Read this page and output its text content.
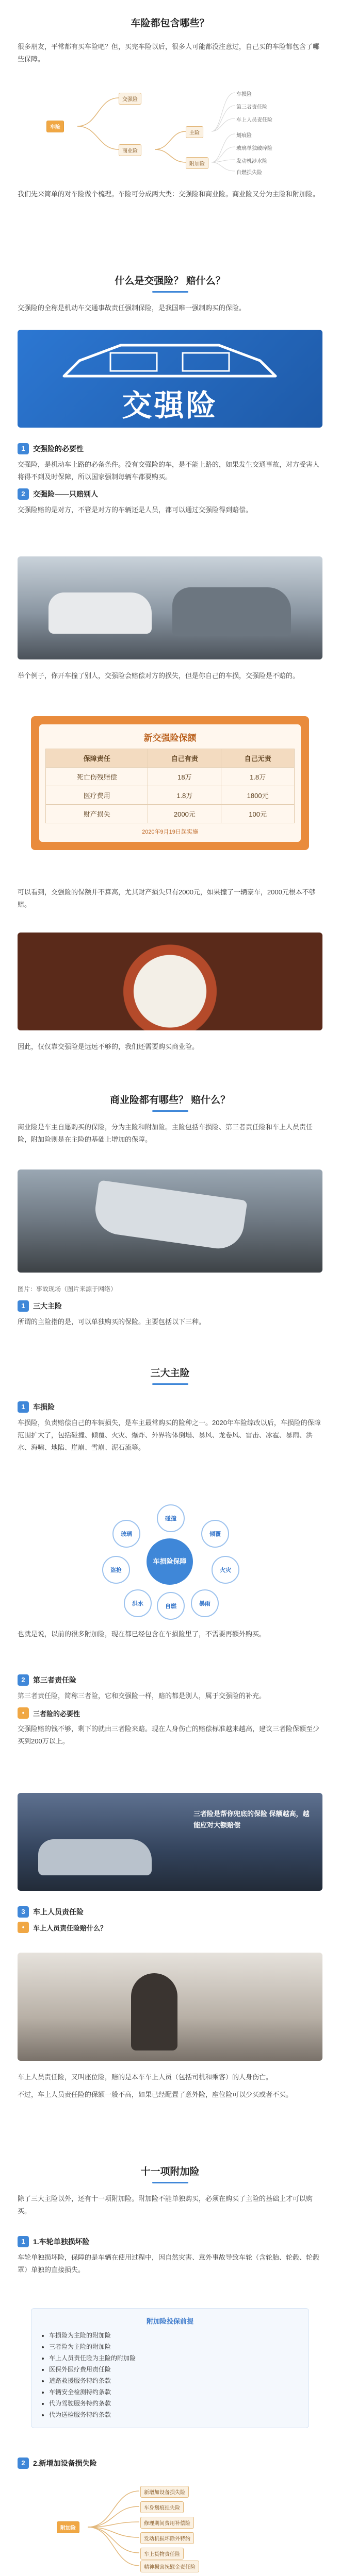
车险都包含哪些？

很多朋友，平常都有买车险吧？但，买完车险以后，很多人可能都没注意过，自己买的车险都包含了哪些保障。

车险
交强险
商业险
主险
附加险
车损险
第三者责任险
车上人员责任险
划痕险
玻璃单独破碎险
发动机涉水险
自燃损失险

我们先来简单的对车险做个梳理。车险可分成两大类：交强险和商业险。商业险又分为主险和附加险。

什么是交强险？ 赔什么？

交强险的全称是机动车交通事故责任强制保险，是我国唯一强制购买的保险。

交强险
1	交强险的必要性

交强险，是机动车上路的必备条件。没有交强险的车，是不能上路的，如果发生交通事故，对方受害人将得不到及时保障，所以国家强制每辆车都要购买。

2	交强险——只赔别人

交强险赔的是对方，不管是对方的车辆还是人员，都可以通过交强险得到赔偿。

举个例子，你开车撞了别人，交强险会赔偿对方的损失，但是你自己的车损，交强险是不赔的。

新交强险保额
保障责任	自己有责	自己无责
死亡伤残赔偿	18万	1.8万
医疗费用	1.8万	1800元
财产损失	2000元	100元
2020年9月19日起实施

可以看到，交强险的保额并不算高，尤其财产损失只有2000元，如果撞了一辆豪车，2000元根本不够赔。

因此，仅仅靠交强险是远远不够的，我们还需要购买商业险。

商业险都有哪些？ 赔什么？

商业险是车主自愿购买的保险，分为主险和附加险。主险包括车损险、第三者责任险和车上人员责任险，附加险则是在主险的基础上增加的保障。

图片：事故现场（图片来源于网络）

1	三大主险

所谓的主险指的是，可以单独购买的保险。主要包括以下三种。

三大主险
1	车损险

车损险，负责赔偿自己的车辆损失，是车主最常购买的险种之一。2020年车险综改以后，车损险的保障范围扩大了，包括碰撞、倾覆、火灾、爆炸、外界物体倒塌、暴风、龙卷风、雷击、冰雹、暴雨、洪水、海啸、地陷、崖崩、雪崩、泥石流等。

车损险保障
碰撞
倾覆
火灾
暴雨
洪水
盗抢
玻璃
自燃

也就是说，以前的很多附加险，现在都已经包含在车损险里了，不需要再额外购买。

2	第三者责任险

第三者责任险，简称三者险，它和交强险一样，赔的都是别人，属于交强险的补充。

•	三者险的必要性

交强险赔的钱不够，剩下的就由三者险来赔。现在人身伤亡的赔偿标准越来越高，建议三者险保额至少买到200万以上。

三者险是帮你兜底的保险 保额越高，越能应对大额赔偿
3	车上人员责任险
•	车上人员责任险赔什么？

车上人员责任险，又叫座位险，赔的是本车车上人员（包括司机和乘客）的人身伤亡。

不过，车上人员责任险的保额一般不高，如果已经配置了意外险，座位险可以少买或者不买。

十一项附加险

除了三大主险以外，还有十一项附加险。附加险不能单独购买，必须在购买了主险的基础上才可以购买。

1	1.车轮单独损坏险

车轮单独损坏险，保障的是车辆在使用过程中，因自然灾害、意外事故导致车轮（含轮胎、轮毂、轮毂罩）单独的直接损失。

附加险投保前提
• 车损险为主险的附加险
• 三者险为主险的附加险
• 车上人员责任险为主险的附加险
• 医保外医疗费用责任险
• 道路救援服务特约条款
• 车辆安全检测特约条款
• 代为驾驶服务特约条款
• 代为送检服务特约条款
2	2.新增加设备损失险
附加险
新增加设备损失险
车身划痕损失险
修理期间费用补偿险
发动机损坏除外特约
车上货物责任险
精神损害抚慰金责任险
